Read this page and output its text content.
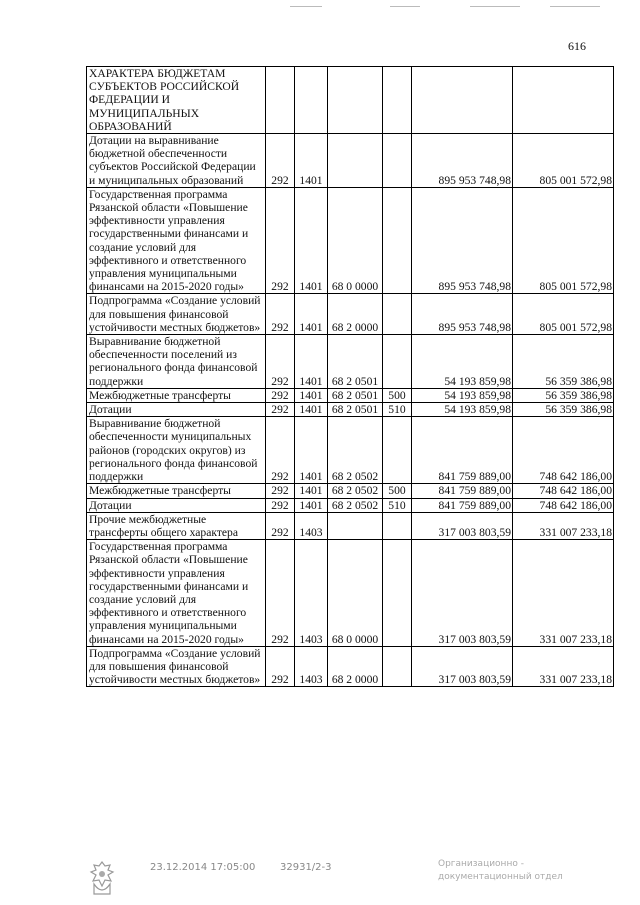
616
ХАРАКТЕРА БЮДЖЕТАМ СУБЪЕКТОВ РОССИЙСКОЙ ФЕДЕРАЦИИ И МУНИЦИПАЛЬНЫХ ОБРАЗОВАНИЙ						
Дотации на выравнивание бюджетной обеспеченности субъектов Российской Федерации и муниципальных образований	292	1401			895 953 748,98	805 001 572,98
Государственная программа Рязанской области «Повышение эффективности управления государственными финансами и создание условий для эффективного и ответственного управления муниципальными финансами на 2015-2020 годы»	292	1401	68 0 0000		895 953 748,98	805 001 572,98
Подпрограмма «Создание условий для повышения финансовой устойчивости местных бюджетов»	292	1401	68 2 0000		895 953 748,98	805 001 572,98
Выравнивание бюджетной обеспеченности поселений из регионального фонда финансовой поддержки	292	1401	68 2 0501		54 193 859,98	56 359 386,98
Межбюджетные трансферты	292	1401	68 2 0501	500	54 193 859,98	56 359 386,98
Дотации	292	1401	68 2 0501	510	54 193 859,98	56 359 386,98
Выравнивание бюджетной обеспеченности муниципальных районов (городских округов) из регионального фонда финансовой поддержки	292	1401	68 2 0502		841 759 889,00	748 642 186,00
Межбюджетные трансферты	292	1401	68 2 0502	500	841 759 889,00	748 642 186,00
Дотации	292	1401	68 2 0502	510	841 759 889,00	748 642 186,00
Прочие межбюджетные трансферты общего характера	292	1403			317 003 803,59	331 007 233,18
Государственная программа Рязанской области «Повышение эффективности управления государственными финансами и создание условий для эффективного и ответственного управления муниципальными финансами на 2015-2020 годы»	292	1403	68 0 0000		317 003 803,59	331 007 233,18
Подпрограмма «Создание условий для повышения финансовой устойчивости местных бюджетов»	292	1403	68 2 0000		317 003 803,59	331 007 233,18
23.12.2014 17:05:00 32931/2-3	Организационно -
документационный отдел
